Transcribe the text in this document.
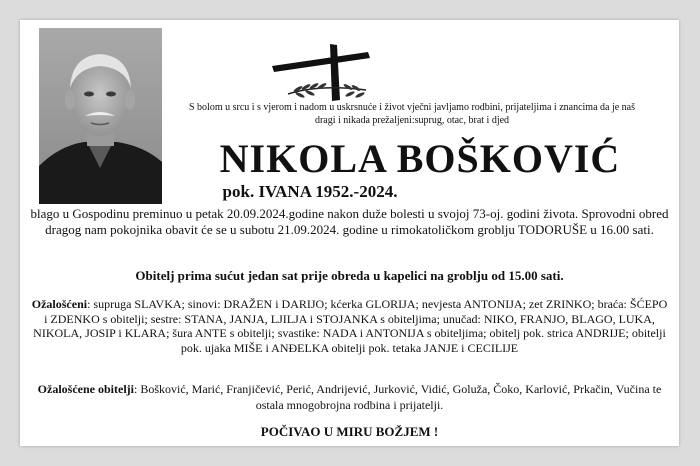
S bolom u srcu i s vjerom i nadom u uskrsnuće i život vječni javljamo rodbini, prijateljima i znancima da je naš dragi i nikada prežaljeni:suprug, otac, brat i djed
NIKOLA BOŠKOVIĆ
pok. IVANA 1952.-2024.
blago u Gospodinu preminuo u petak 20.09.2024.godine nakon duže bolesti u svojoj 73-oj. godini života. Sprovodni obred dragog nam pokojnika obavit će se u subotu 21.09.2024. godine u rimokatoličkom groblju TODORUŠE u 16.00 sati.
Obitelj prima sućut jedan sat prije obreda u kapelici na groblju od 15.00 sati.
Ožalošćeni: supruga SLAVKA; sinovi: DRAŽEN i DARIJO; kćerka GLORIJA; nevjesta ANTONIJA; zet ZRINKO; braća: ŠĆEPO i ZDENKO s obitelji; sestre: STANA, JANJA, LJILJA i STOJANKA s obiteljima; unučad: NIKO, FRANJO, BLAGO, LUKA, NIKOLA, JOSIP i KLARA; šura ANTE s obitelji; svastike: NADA i ANTONIJA s obiteljima; obitelj pok. strica ANDRIJE; obitelji pok. ujaka MIŠE i ANĐELKA obitelji pok. tetaka JANJE i CECILIJE
Ožalošćene obitelji: Bošković, Marić, Franjičević, Perić, Andrijević, Jurković, Vidić, Goluža, Čoko, Karlović, Prkačin, Vučina te ostala mnogobrojna rodbina i prijatelji.
POČIVAO U MIRU BOŽJEM !
